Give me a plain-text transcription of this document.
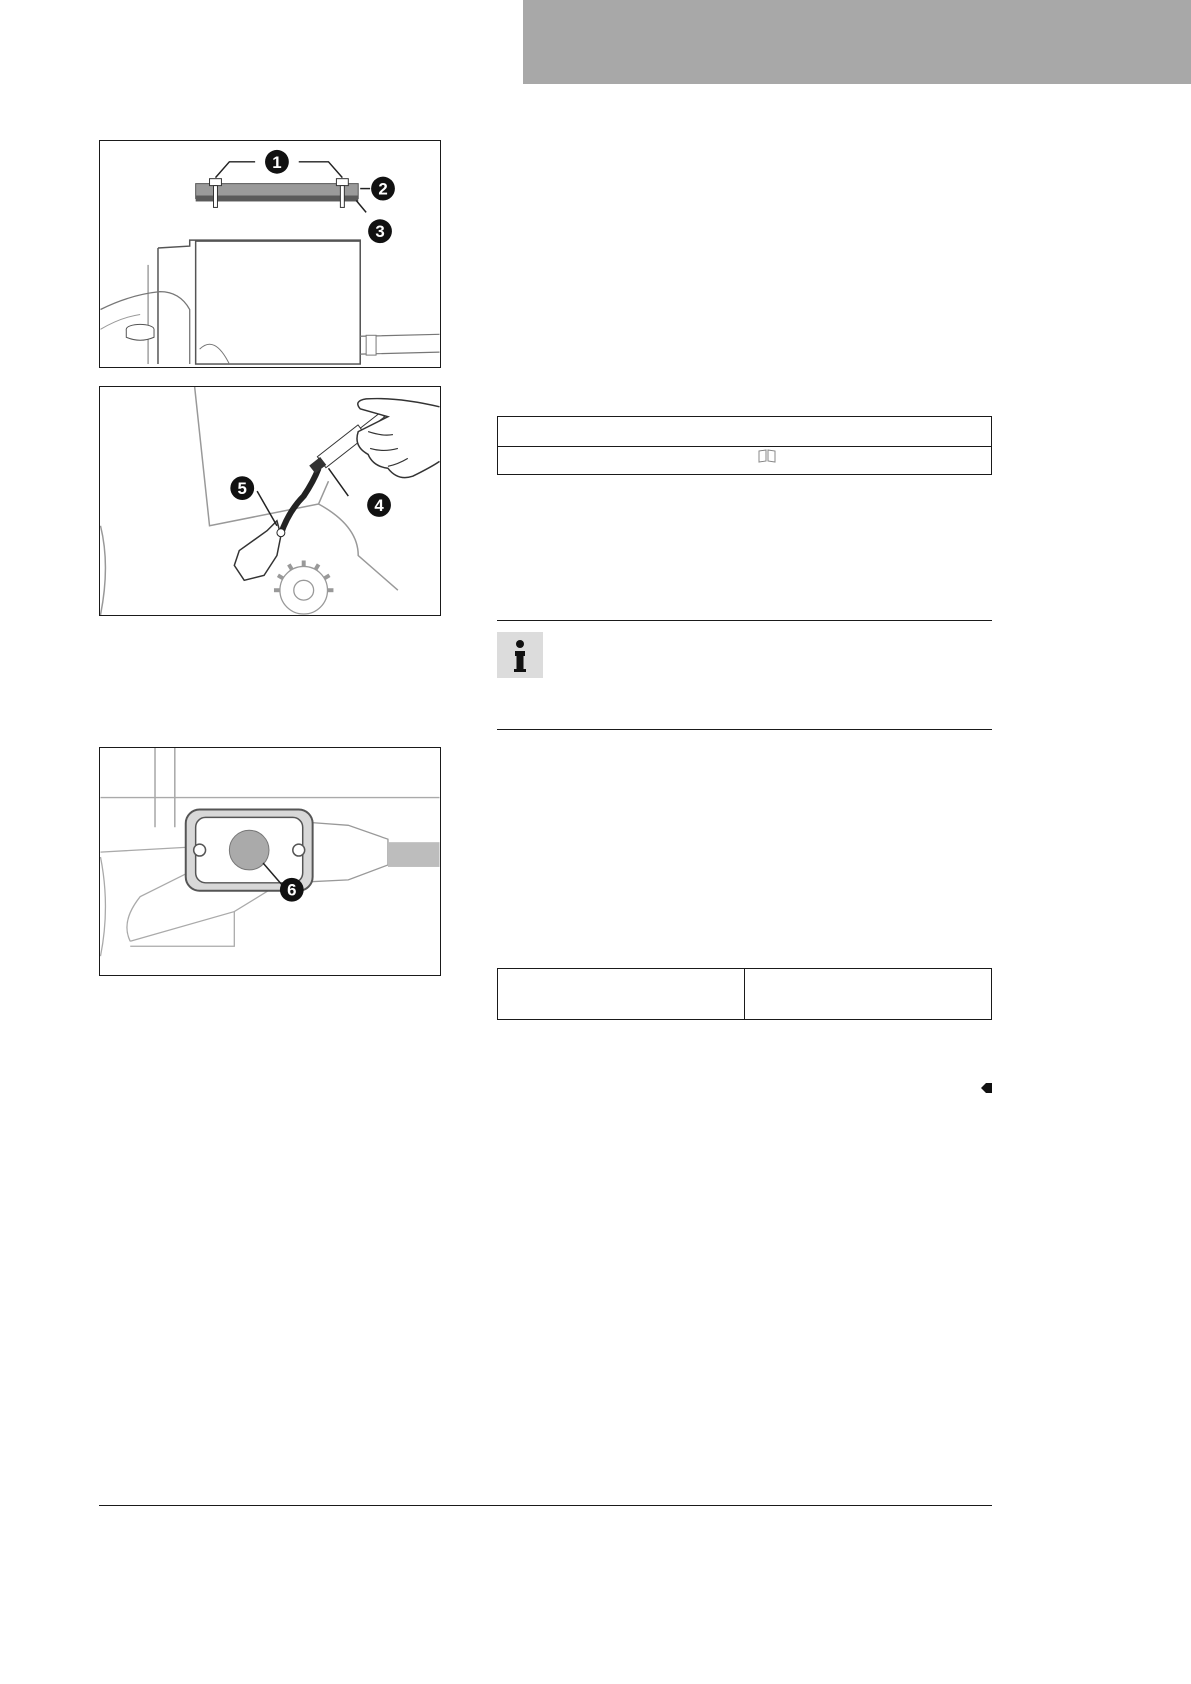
1
2
3
5
4
6
